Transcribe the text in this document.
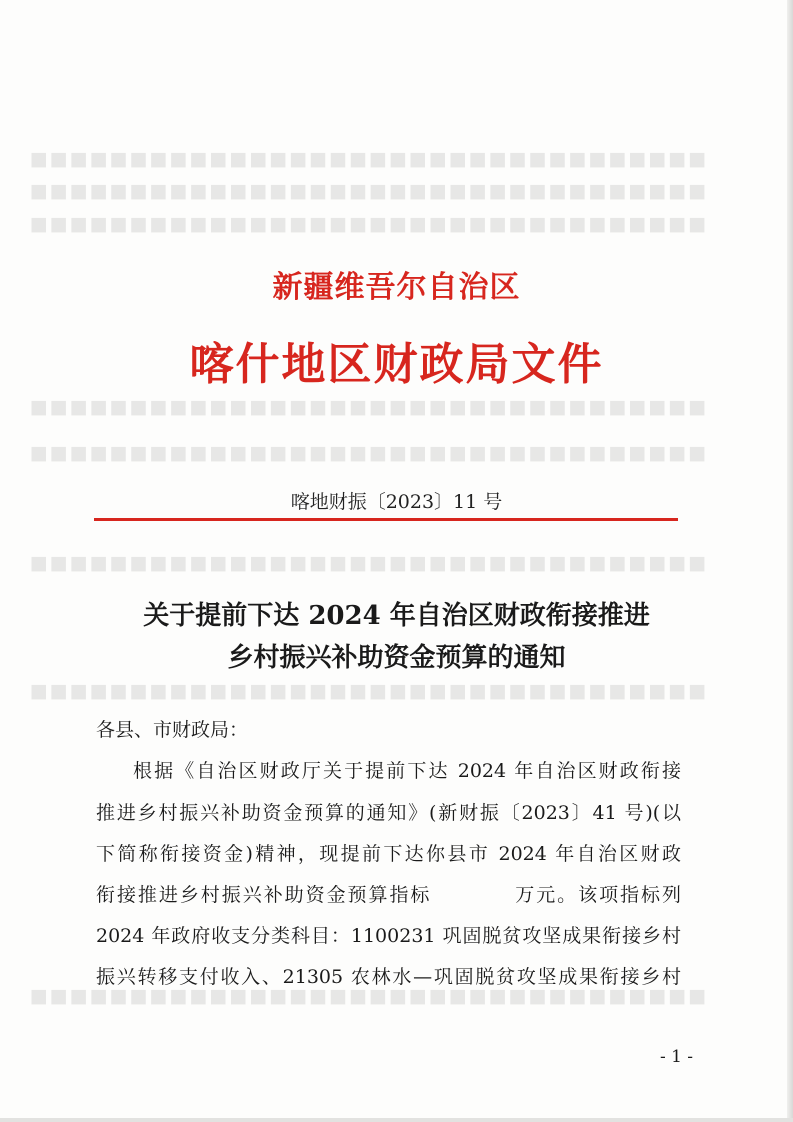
■■■■■■■■■■■■■■■■■■■■■■■■■■■■■■■■■■
■■■■■■■■■■■■■■■■■■■■■■■■■■■■■■■■■■
■■■■■■■■■■■■■■■■■■■■■■■■■■■■■■■■■■
■■■■■■■■■■■■■■■■■■■■■■■■■■■■■■■■■■
■■■■■■■■■■■■■■■■■■■■■■■■■■■■■■■■■■
■■■■■■■■■■■■■■■■■■■■■■■■■■■■■■■■■■
■■■■■■■■■■■■■■■■■■■■■■■■■■■■■■■■■■
■■■■■■■■■■■■■■■■■■■■■■■■■■■■■■■■■■
新疆维吾尔自治区
喀什地区财政局文件
喀地财振〔2023〕11 号
关于提前下达 2024 年自治区财政衔接推进
乡村振兴补助资金预算的通知
各县、市财政局：
根据《自治区财政厅关于提前下达 2024 年自治区财政衔接
推进乡村振兴补助资金预算的通知》(新财振〔2023〕41 号)(以
下简称衔接资金)精神，现提前下达你县市 2024 年自治区财政
衔接推进乡村振兴补助资金预算指标　　　　万元。该项指标列
2024 年政府收支分类科目：1100231 巩固脱贫攻坚成果衔接乡村
振兴转移支付收入、21305 农林水—巩固脱贫攻坚成果衔接乡村
- 1 -
